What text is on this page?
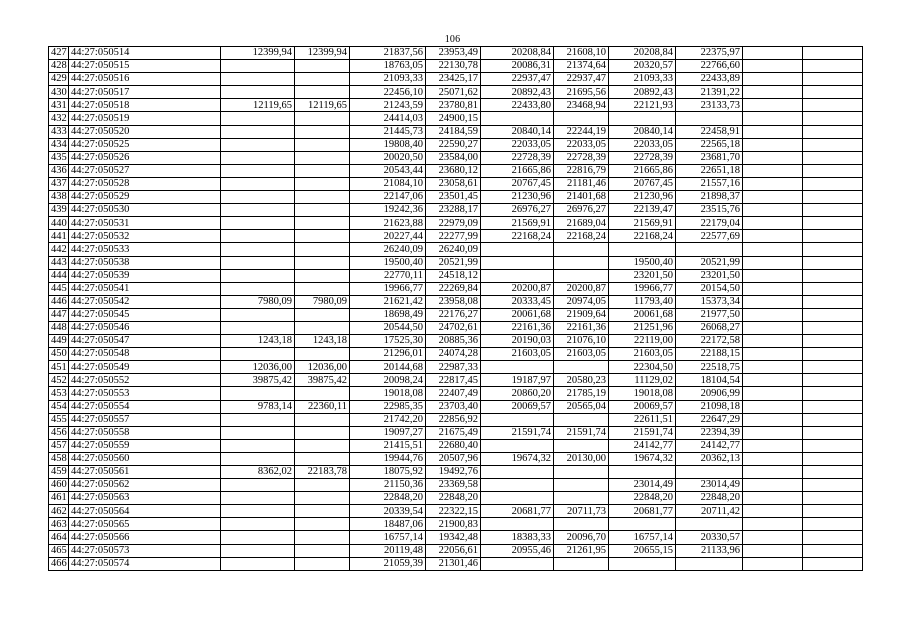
106
427	44:27:050514	12399,94	12399,94	21837,56	23953,49	20208,84	21608,10	20208,84	22375,97		
428	44:27:050515			18763,05	22130,78	20086,31	21374,64	20320,57	22766,60		
429	44:27:050516			21093,33	23425,17	22937,47	22937,47	21093,33	22433,89		
430	44:27:050517			22456,10	25071,62	20892,43	21695,56	20892,43	21391,22		
431	44:27:050518	12119,65	12119,65	21243,59	23780,81	22433,80	23468,94	22121,93	23133,73		
432	44:27:050519			24414,03	24900,15						
433	44:27:050520			21445,73	24184,59	20840,14	22244,19	20840,14	22458,91		
434	44:27:050525			19808,40	22590,27	22033,05	22033,05	22033,05	22565,18		
435	44:27:050526			20020,50	23584,00	22728,39	22728,39	22728,39	23681,70		
436	44:27:050527			20543,44	23680,12	21665,86	22816,79	21665,86	22651,18		
437	44:27:050528			21084,10	23058,61	20767,45	21181,46	20767,45	21557,16		
438	44:27:050529			22147,06	23501,45	21230,96	21401,68	21230,96	21898,37		
439	44:27:050530			19242,36	23288,17	26976,27	26976,27	22139,47	23515,76		
440	44:27:050531			21623,88	22979,09	21569,91	21689,04	21569,91	22179,04		
441	44:27:050532			20227,44	22277,99	22168,24	22168,24	22168,24	22577,69		
442	44:27:050533			26240,09	26240,09						
443	44:27:050538			19500,40	20521,99			19500,40	20521,99		
444	44:27:050539			22770,11	24518,12			23201,50	23201,50		
445	44:27:050541			19966,77	22269,84	20200,87	20200,87	19966,77	20154,50		
446	44:27:050542	7980,09	7980,09	21621,42	23958,08	20333,45	20974,05	11793,40	15373,34		
447	44:27:050545			18698,49	22176,27	20061,68	21909,64	20061,68	21977,50		
448	44:27:050546			20544,50	24702,61	22161,36	22161,36	21251,96	26068,27		
449	44:27:050547	1243,18	1243,18	17525,30	20885,36	20190,03	21076,10	22119,00	22172,58		
450	44:27:050548			21296,01	24074,28	21603,05	21603,05	21603,05	22188,15		
451	44:27:050549	12036,00	12036,00	20144,68	22987,33			22304,50	22518,75		
452	44:27:050552	39875,42	39875,42	20098,24	22817,45	19187,97	20580,23	11129,02	18104,54		
453	44:27:050553			19018,08	22407,49	20860,20	21785,19	19018,08	20906,99		
454	44:27:050554	9783,14	22360,11	22985,35	23703,40	20069,57	20565,04	20069,57	21098,18		
455	44:27:050557			21742,20	22856,92			22611,51	22647,29		
456	44:27:050558			19097,27	21675,49	21591,74	21591,74	21591,74	22394,39		
457	44:27:050559			21415,51	22680,40			24142,77	24142,77		
458	44:27:050560			19944,76	20507,96	19674,32	20130,00	19674,32	20362,13		
459	44:27:050561	8362,02	22183,78	18075,92	19492,76						
460	44:27:050562			21150,36	23369,58			23014,49	23014,49		
461	44:27:050563			22848,20	22848,20			22848,20	22848,20		
462	44:27:050564			20339,54	22322,15	20681,77	20711,73	20681,77	20711,42		
463	44:27:050565			18487,06	21900,83						
464	44:27:050566			16757,14	19342,48	18383,33	20096,70	16757,14	20330,57		
465	44:27:050573			20119,48	22056,61	20955,46	21261,95	20655,15	21133,96		
466	44:27:050574			21059,39	21301,46						
